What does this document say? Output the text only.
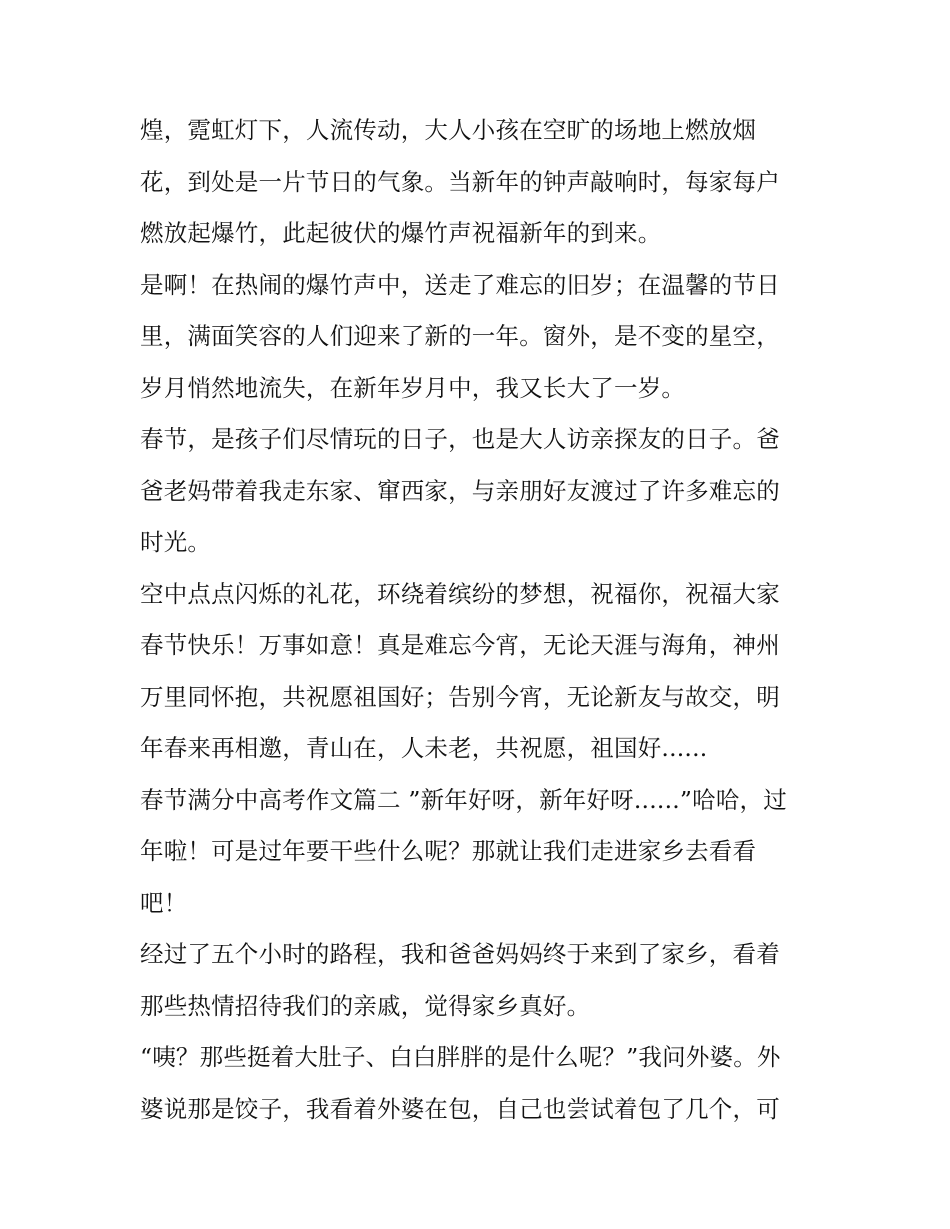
煌，霓虹灯下，人流传动，大人小孩在空旷的场地上燃放烟
花，到处是一片节日的气象。当新年的钟声敲响时，每家每户
燃放起爆竹，此起彼伏的爆竹声祝福新年的到来。
是啊！在热闹的爆竹声中，送走了难忘的旧岁；在温馨的节日
里，满面笑容的人们迎来了新的一年。窗外，是不变的星空，
岁月悄然地流失，在新年岁月中，我又长大了一岁。
春节，是孩子们尽情玩的日子，也是大人访亲探友的日子。爸
爸老妈带着我走东家、窜西家，与亲朋好友渡过了许多难忘的
时光。
空中点点闪烁的礼花，环绕着缤纷的梦想，祝福你，祝福大家
春节快乐！万事如意！真是难忘今宵，无论天涯与海角，神州
万里同怀抱，共祝愿祖国好；告别今宵，无论新友与故交，明
年春来再相邀，青山在，人未老，共祝愿，祖国好......
春节满分中高考作文篇二 ”新年好呀，新年好呀......”哈哈，过
年啦！可是过年要干些什么呢？那就让我们走进家乡去看看
吧！
经过了五个小时的路程，我和爸爸妈妈终于来到了家乡，看着
那些热情招待我们的亲戚，觉得家乡真好。
“咦？那些挺着大肚子、白白胖胖的是什么呢？”我问外婆。外
婆说那是饺子，我看着外婆在包，自己也尝试着包了几个，可
